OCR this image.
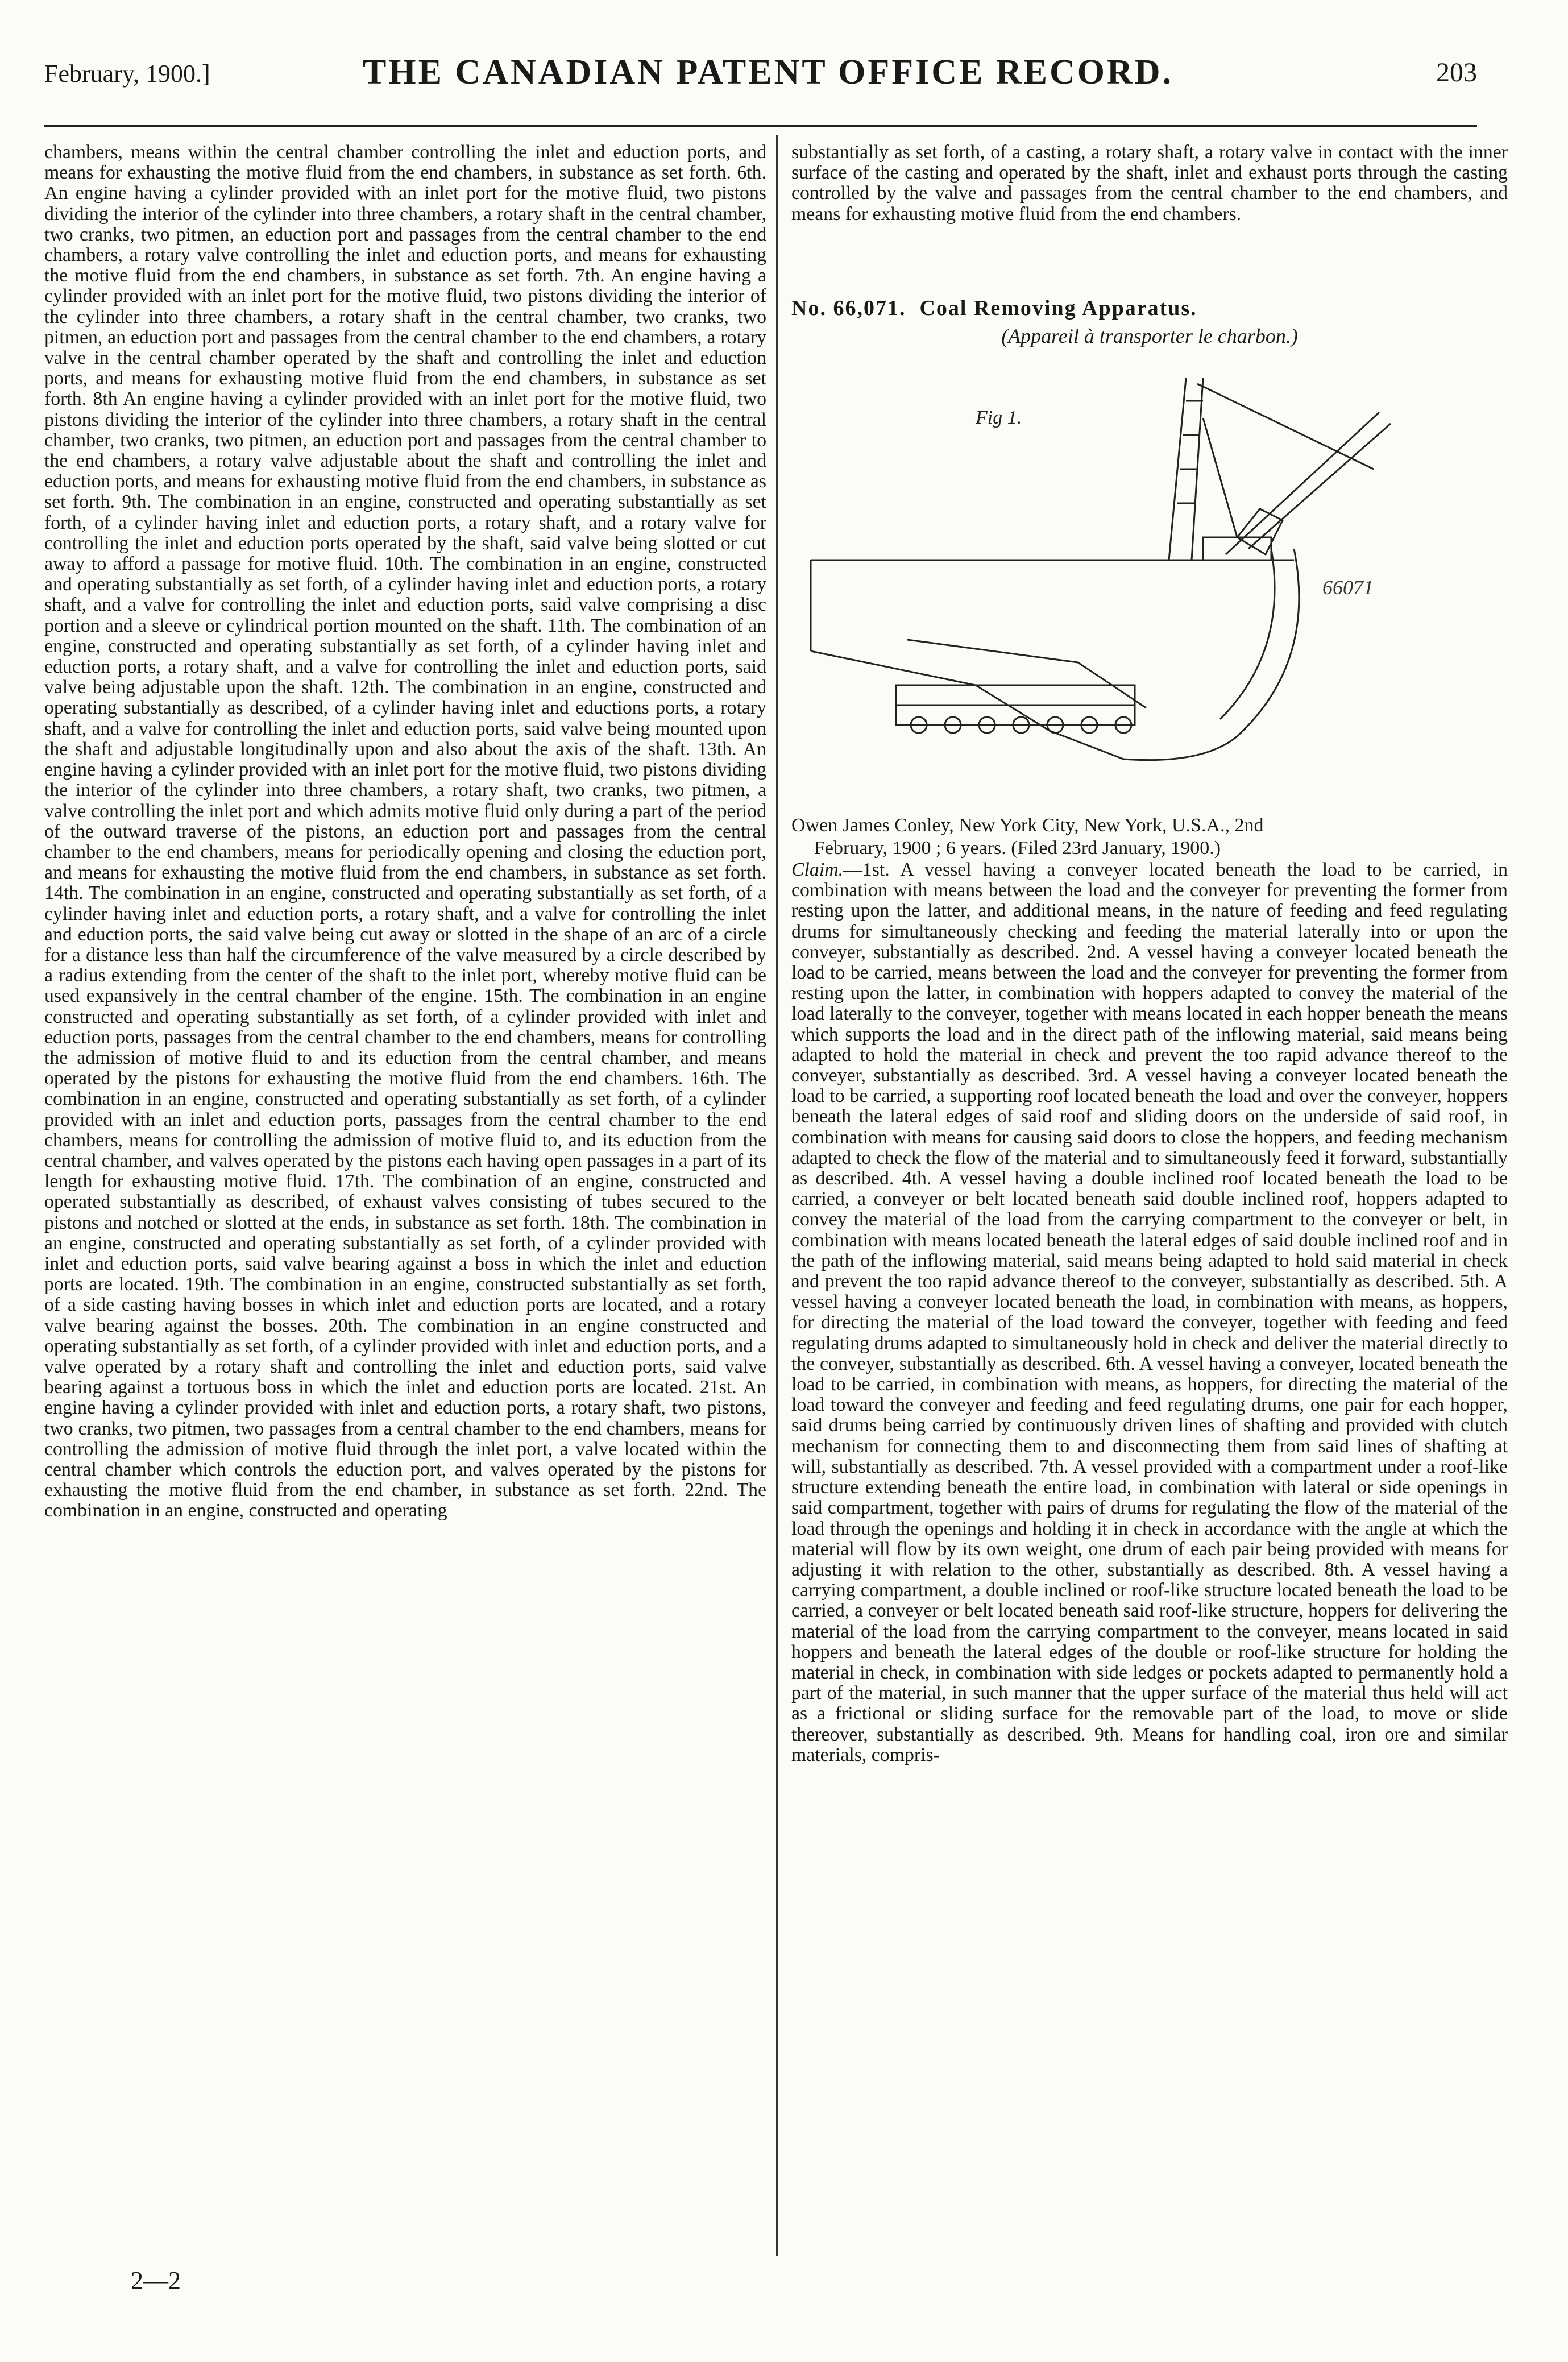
February, 1900.]	THE CANADIAN PATENT OFFICE RECORD.	203

chambers, means within the central chamber controlling the inlet and eduction ports, and means for exhausting the motive fluid from the end chambers, in substance as set forth. 6th. An engine having a cylinder provided with an inlet port for the motive fluid, two pistons dividing the interior of the cylinder into three chambers, a rotary shaft in the central chamber, two cranks, two pitmen, an eduction port and passages from the central chamber to the end chambers, a rotary valve controlling the inlet and eduction ports, and means for exhausting the motive fluid from the end chambers, in substance as set forth. 7th. An engine having a cylinder provided with an inlet port for the motive fluid, two pistons dividing the interior of the cylinder into three chambers, a rotary shaft in the central chamber, two cranks, two pitmen, an eduction port and passages from the central chamber to the end chambers, a rotary valve in the central chamber operated by the shaft and controlling the inlet and eduction ports, and means for exhausting motive fluid from the end chambers, in substance as set forth. 8th An engine having a cylinder provided with an inlet port for the motive fluid, two pistons dividing the interior of the cylinder into three chambers, a rotary shaft in the central chamber, two cranks, two pitmen, an eduction port and passages from the central chamber to the end chambers, a rotary valve adjustable about the shaft and controlling the inlet and eduction ports, and means for exhausting motive fluid from the end chambers, in substance as set forth. 9th. The combination in an engine, constructed and operating substantially as set forth, of a cylinder having inlet and eduction ports, a rotary shaft, and a rotary valve for controlling the inlet and eduction ports operated by the shaft, said valve being slotted or cut away to afford a passage for motive fluid. 10th. The combination in an engine, constructed and operating substantially as set forth, of a cylinder having inlet and eduction ports, a rotary shaft, and a valve for controlling the inlet and eduction ports, said valve comprising a disc portion and a sleeve or cylindrical portion mounted on the shaft. 11th. The combination of an engine, constructed and operating substantially as set forth, of a cylinder having inlet and eduction ports, a rotary shaft, and a valve for controlling the inlet and eduction ports, said valve being adjustable upon the shaft. 12th. The combination in an engine, constructed and operating substantially as described, of a cylinder having inlet and eductions ports, a rotary shaft, and a valve for controlling the inlet and eduction ports, said valve being mounted upon the shaft and adjustable longitudinally upon and also about the axis of the shaft. 13th. An engine having a cylinder provided with an inlet port for the motive fluid, two pistons dividing the interior of the cylinder into three chambers, a rotary shaft, two cranks, two pitmen, a valve controlling the inlet port and which admits motive fluid only during a part of the period of the outward traverse of the pistons, an eduction port and passages from the central chamber to the end chambers, means for periodically opening and closing the eduction port, and means for exhausting the motive fluid from the end chambers, in substance as set forth. 14th. The combination in an engine, constructed and operating substantially as set forth, of a cylinder having inlet and eduction ports, a rotary shaft, and a valve for controlling the inlet and eduction ports, the said valve being cut away or slotted in the shape of an arc of a circle for a distance less than half the circumference of the valve measured by a circle described by a radius extending from the center of the shaft to the inlet port, whereby motive fluid can be used expansively in the central chamber of the engine. 15th. The combination in an engine constructed and operating substantially as set forth, of a cylinder provided with inlet and eduction ports, passages from the central chamber to the end chambers, means for controlling the admission of motive fluid to and its eduction from the central chamber, and means operated by the pistons for exhausting the motive fluid from the end chambers. 16th. The combination in an engine, constructed and operating substantially as set forth, of a cylinder provided with an inlet and eduction ports, passages from the central chamber to the end chambers, means for controlling the admission of motive fluid to, and its eduction from the central chamber, and valves operated by the pistons each having open passages in a part of its length for exhausting motive fluid. 17th. The combination of an engine, constructed and operated substantially as described, of exhaust valves consisting of tubes secured to the pistons and notched or slotted at the ends, in substance as set forth. 18th. The combination in an engine, constructed and operating substantially as set forth, of a cylinder provided with inlet and eduction ports, said valve bearing against a boss in which the inlet and eduction ports are located. 19th. The combination in an engine, constructed substantially as set forth, of a side casting having bosses in which inlet and eduction ports are located, and a rotary valve bearing against the bosses. 20th. The combination in an engine constructed and operating substantially as set forth, of a cylinder provided with inlet and eduction ports, and a valve operated by a rotary shaft and controlling the inlet and eduction ports, said valve bearing against a tortuous boss in which the inlet and eduction ports are located. 21st. An engine having a cylinder provided with inlet and eduction ports, a rotary shaft, two pistons, two cranks, two pitmen, two passages from a central chamber to the end chambers, means for controlling the admission of motive fluid through the inlet port, a valve located within the central chamber which controls the eduction port, and valves operated by the pistons for exhausting the motive fluid from the end chamber, in substance as set forth. 22nd. The combination in an engine, constructed and operating

substantially as set forth, of a casting, a rotary shaft, a rotary valve in contact with the inner surface of the casting and operated by the shaft, inlet and exhaust ports through the casting controlled by the valve and passages from the central chamber to the end chambers, and means for exhausting motive fluid from the end chambers.

No. 66,071. Coal Removing Apparatus.
(Appareil à transporter le charbon.)
Fig 1.
66071
Owen James Conley, New York City, New York, U.S.A., 2nd
February, 1900 ; 6 years. (Filed 23rd January, 1900.)

Claim.—1st. A vessel having a conveyer located beneath the load to be carried, in combination with means between the load and the conveyer for preventing the former from resting upon the latter, and additional means, in the nature of feeding and feed regulating drums for simultaneously checking and feeding the material laterally into or upon the conveyer, substantially as described. 2nd. A vessel having a conveyer located beneath the load to be carried, means between the load and the conveyer for preventing the former from resting upon the latter, in combination with hoppers adapted to convey the material of the load laterally to the conveyer, together with means located in each hopper beneath the means which supports the load and in the direct path of the inflowing material, said means being adapted to hold the material in check and prevent the too rapid advance thereof to the conveyer, substantially as described. 3rd. A vessel having a conveyer located beneath the load to be carried, a supporting roof located beneath the load and over the conveyer, hoppers beneath the lateral edges of said roof and sliding doors on the underside of said roof, in combination with means for causing said doors to close the hoppers, and feeding mechanism adapted to check the flow of the material and to simultaneously feed it forward, substantially as described. 4th. A vessel having a double inclined roof located beneath the load to be carried, a conveyer or belt located beneath said double inclined roof, hoppers adapted to convey the material of the load from the carrying compartment to the conveyer or belt, in combination with means located beneath the lateral edges of said double inclined roof and in the path of the inflowing material, said means being adapted to hold said material in check and prevent the too rapid advance thereof to the conveyer, substantially as described. 5th. A vessel having a conveyer located beneath the load, in combination with means, as hoppers, for directing the material of the load toward the conveyer, together with feeding and feed regulating drums adapted to simultaneously hold in check and deliver the material directly to the conveyer, substantially as described. 6th. A vessel having a conveyer, located beneath the load to be carried, in combination with means, as hoppers, for directing the material of the load toward the conveyer and feeding and feed regulating drums, one pair for each hopper, said drums being carried by continuously driven lines of shafting and provided with clutch mechanism for connecting them to and disconnecting them from said lines of shafting at will, substantially as described. 7th. A vessel provided with a compartment under a roof-like structure extending beneath the entire load, in combination with lateral or side openings in said compartment, together with pairs of drums for regulating the flow of the material of the load through the openings and holding it in check in accordance with the angle at which the material will flow by its own weight, one drum of each pair being provided with means for adjusting it with relation to the other, substantially as described. 8th. A vessel having a carrying compartment, a double inclined or roof-like structure located beneath the load to be carried, a conveyer or belt located beneath said roof-like structure, hoppers for delivering the material of the load from the carrying compartment to the conveyer, means located in said hoppers and beneath the lateral edges of the double or roof-like structure for holding the material in check, in combination with side ledges or pockets adapted to permanently hold a part of the material, in such manner that the upper surface of the material thus held will act as a frictional or sliding surface for the removable part of the load, to move or slide thereover, substantially as described. 9th. Means for handling coal, iron ore and similar materials, compris-

2—2
